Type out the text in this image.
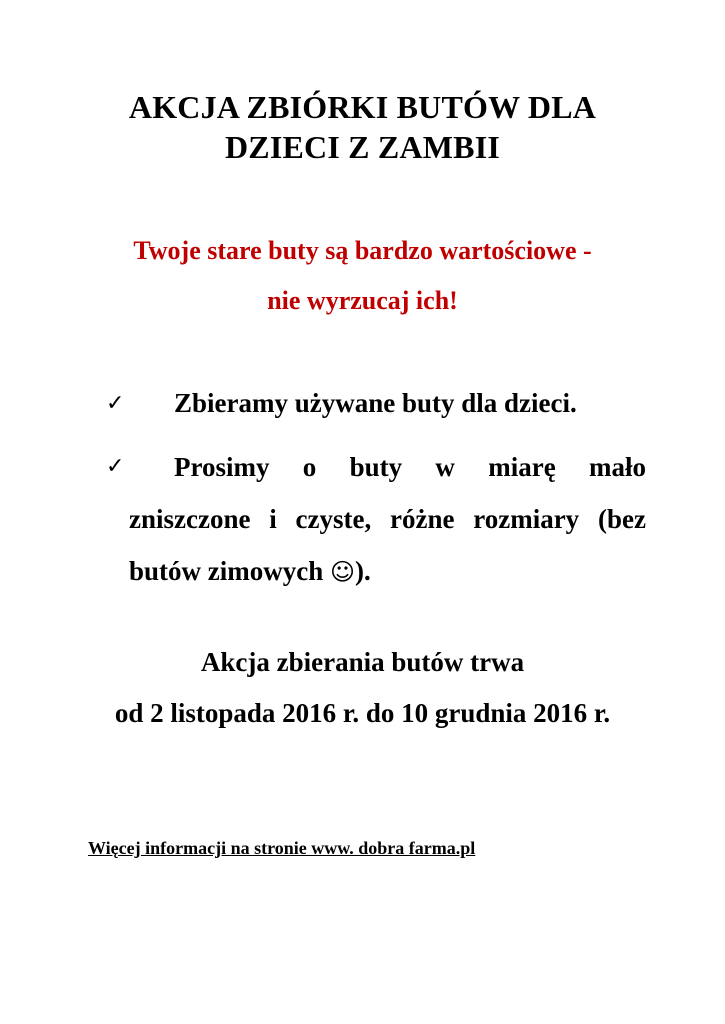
AKCJA ZBIÓRKI BUTÓW DLA
DZIECI Z ZAMBII
Twoje stare buty są bardzo wartościowe -
nie wyrzucaj ich!
✓ Zbieramy używane buty dla dzieci.
✓ Prosimy o buty w miarę mało
zniszczone i czyste, różne rozmiary (bez
butów zimowych ☺).
Akcja zbierania butów trwa
od 2 listopada 2016 r. do 10 grudnia 2016 r.
Więcej informacji na stronie www. dobra farma.pl
